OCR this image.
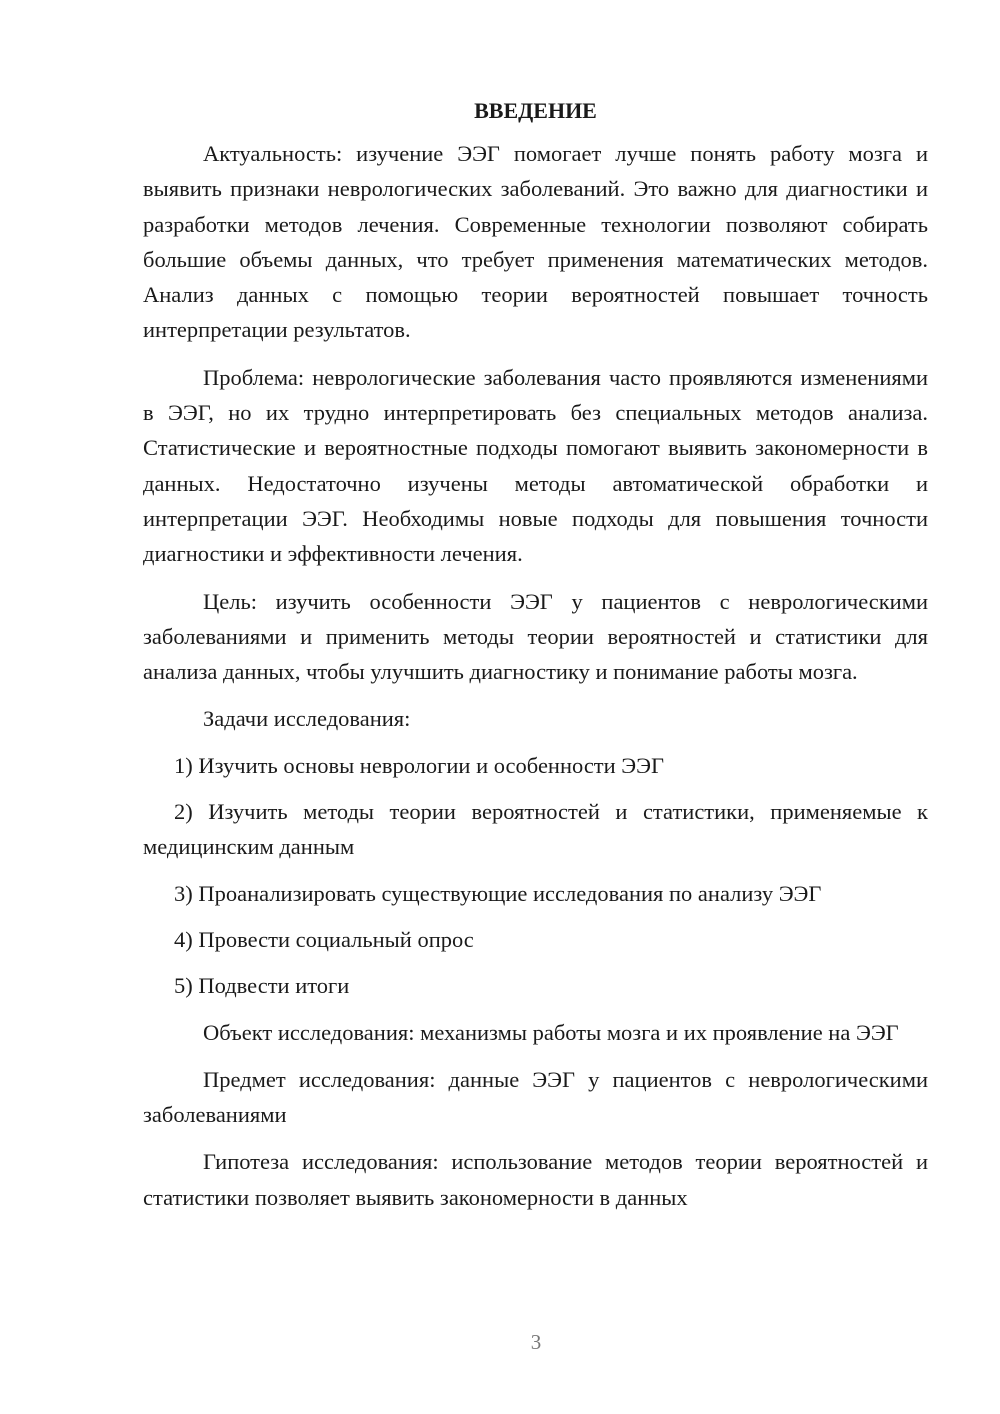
ВВЕДЕНИЕ

Актуальность: изучение ЭЭГ помогает лучше понять работу мозга и выявить признаки неврологических заболеваний. Это важно для диагностики и разработки методов лечения. Современные технологии позволяют собирать большие объемы данных, что требует применения математических методов. Анализ данных с помощью теории вероятностей повышает точность интерпретации результатов.

Проблема: неврологические заболевания часто проявляются изменениями в ЭЭГ, но их трудно интерпретировать без специальных методов анализа. Статистические и вероятностные подходы помогают выявить закономерности в данных. Недостаточно изучены методы автоматической обработки и интерпретации ЭЭГ. Необходимы новые подходы для повышения точности диагностики и эффективности лечения.

Цель: изучить особенности ЭЭГ у пациентов с неврологическими заболеваниями и применить методы теории вероятностей и статистики для анализа данных, чтобы улучшить диагностику и понимание работы мозга.

Задачи исследования:

1) Изучить основы неврологии и особенности ЭЭГ

2) Изучить методы теории вероятностей и статистики, применяемые к медицинским данным

3) Проанализировать существующие исследования по анализу ЭЭГ

4) Провести социальный опрос

5) Подвести итоги

Объект исследования: механизмы работы мозга и их проявление на ЭЭГ

Предмет исследования: данные ЭЭГ у пациентов с неврологическими заболеваниями

Гипотеза исследования: использование методов теории вероятностей и статистики позволяет выявить закономерности в данных

3
